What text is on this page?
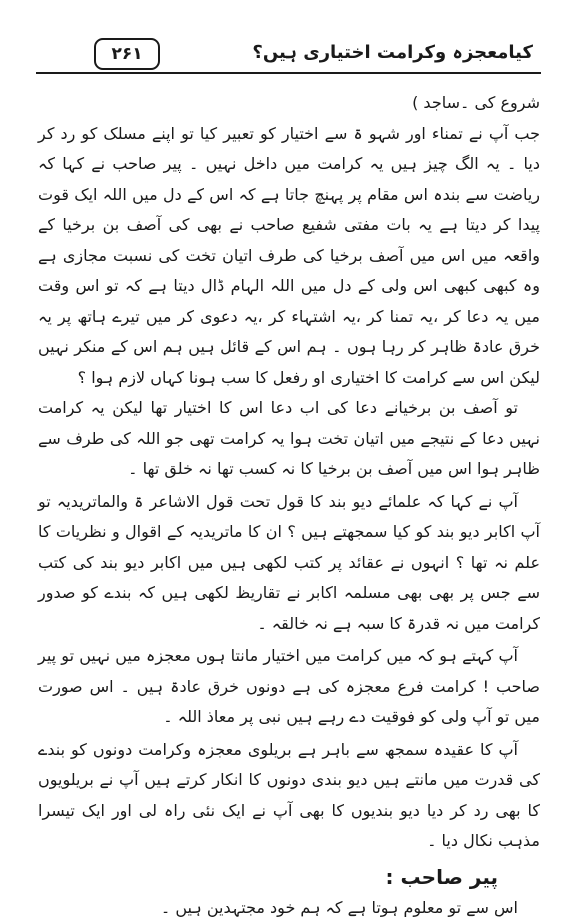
۲۶۱	کیامعجزہ وکرامت اختیاری ہیں؟

شروع کی ۔ساجد )

جب آپ نے تمناء اور شہو ۃ سے اختیار کو تعبیر کیا تو اپنے مسلک کو رد کر دیا ۔ یہ الگ چیز ہیں یہ کرامت میں داخل نہیں ۔ پیر صاحب نے کہا کہ ریاضت سے بندہ اس مقام پر پہنچ جاتا ہے کہ اس کے دل میں اللہ ایک قوت پیدا کر دیتا ہے یہ بات مفتی شفیع صاحب نے بھی کی آصف بن برخیا کے واقعہ میں اس میں آصف برخیا کی طرف اتیان تخت کی نسبت مجازی ہے وہ کبھی کبھی اس ولی کے دل میں اللہ الہام ڈال دیتا ہے کہ تو اس وقت میں یہ دعا کر ،یہ تمنا کر ،یہ اشتہاء کر ،یہ دعوی کر میں تیرے ہاتھ پر یہ خرق عادۃ ظاہر کر رہا ہوں ۔ ہم اس کے قائل ہیں ہم اس کے منکر نہیں لیکن اس سے کرامت کا اختیاری او رفعل کا سب ہونا کہاں لازم ہوا ؟

تو آصف بن برخیانے دعا کی اب دعا اس کا اختیار تھا لیکن یہ کرامت نہیں دعا کے نتیجے میں اتیان تخت ہوا یہ کرامت تھی جو اللہ کی طرف سے ظاہر ہوا اس میں آصف بن برخیا کا نہ کسب تھا نہ خلق تھا ۔

آپ نے کہا کہ علمائے دیو بند کا قول تحت قول الاشاعر ۃ والماتریدیہ تو آپ اکابر دیو بند کو کیا سمجھتے ہیں ؟ ان کا ماتریدیہ کے اقوال و نظریات کا علم نہ تھا ؟ انہوں نے عقائد پر کتب لکھی ہیں میں اکابر دیو بند کی کتب سے جس پر بھی بھی مسلمہ اکابر نے تقاریظ لکھی ہیں کہ بندے کو صدور کرامت میں نہ قدرۃ کا سبہ ہے نہ خالقہ ۔

آپ کہتے ہو کہ میں کرامت میں اختیار مانتا ہوں معجزہ میں نہیں تو پیر صاحب ! کرامت فرع معجزہ کی ہے دونوں خرق عادۃ ہیں ۔ اس صورت میں تو آپ ولی کو فوقیت دے رہے ہیں نبی پر معاذ اللہ ۔

آپ کا عقیدہ سمجھ سے باہر ہے بریلوی معجزہ وکرامت دونوں کو بندے کی قدرت میں مانتے ہیں دیو بندی دونوں کا انکار کرتے ہیں آپ نے بریلویوں کا بھی رد کر دیا دیو بندیوں کا بھی آپ نے ایک نئی راہ لی اور ایک تیسرا مذہب نکال دیا ۔

پیر صاحب :

اس سے تو معلوم ہوتا ہے کہ ہم خود مجتہدین ہیں ۔
